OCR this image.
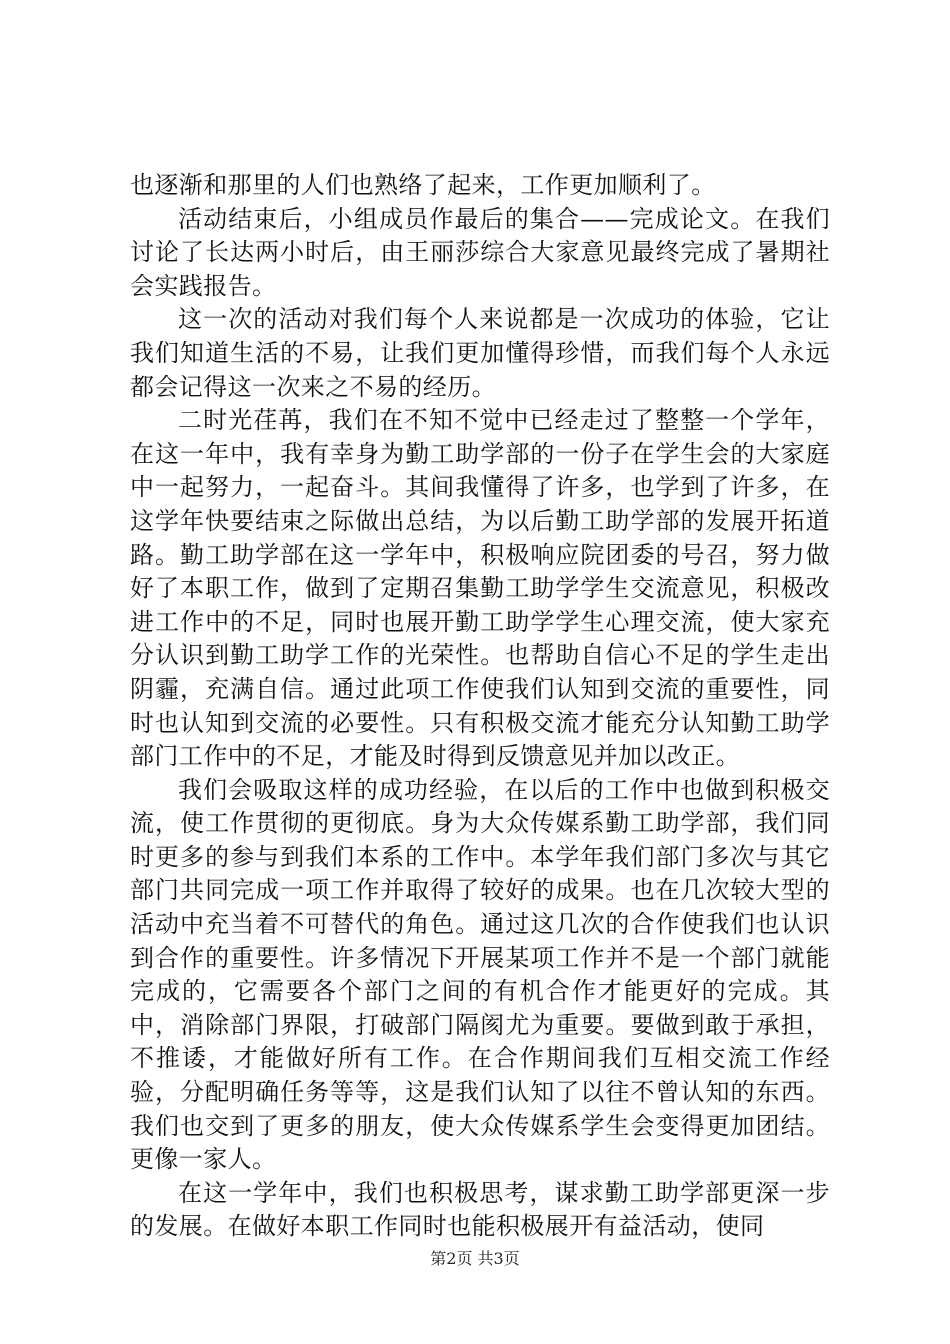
也逐渐和那里的人们也熟络了起来，工作更加顺利了。

活动结束后，小组成员作最后的集合——完成论文。在我们讨论了长达两小时后，由王丽莎综合大家意见最终完成了暑期社会实践报告。

这一次的活动对我们每个人来说都是一次成功的体验，它让我们知道生活的不易，让我们更加懂得珍惜，而我们每个人永远都会记得这一次来之不易的经历。

二时光荏苒，我们在不知不觉中已经走过了整整一个学年，在这一年中，我有幸身为勤工助学部的一份子在学生会的大家庭中一起努力，一起奋斗。其间我懂得了许多，也学到了许多，在这学年快要结束之际做出总结，为以后勤工助学部的发展开拓道路。勤工助学部在这一学年中，积极响应院团委的号召，努力做好了本职工作，做到了定期召集勤工助学学生交流意见，积极改进工作中的不足，同时也展开勤工助学学生心理交流，使大家充分认识到勤工助学工作的光荣性。也帮助自信心不足的学生走出阴霾，充满自信。通过此项工作使我们认知到交流的重要性，同时也认知到交流的必要性。只有积极交流才能充分认知勤工助学部门工作中的不足，才能及时得到反馈意见并加以改正。

我们会吸取这样的成功经验，在以后的工作中也做到积极交流，使工作贯彻的更彻底。身为大众传媒系勤工助学部，我们同时更多的参与到我们本系的工作中。本学年我们部门多次与其它部门共同完成一项工作并取得了较好的成果。也在几次较大型的活动中充当着不可替代的角色。通过这几次的合作使我们也认识到合作的重要性。许多情况下开展某项工作并不是一个部门就能完成的，它需要各个部门之间的有机合作才能更好的完成。其中，消除部门界限，打破部门隔阂尤为重要。要做到敢于承担，不推诿，才能做好所有工作。在合作期间我们互相交流工作经验，分配明确任务等等，这是我们认知了以往不曾认知的东西。我们也交到了更多的朋友，使大众传媒系学生会变得更加团结。更像一家人。

在这一学年中，我们也积极思考，谋求勤工助学部更深一步的发展。在做好本职工作同时也能积极展开有益活动，使同

第2页 共3页
